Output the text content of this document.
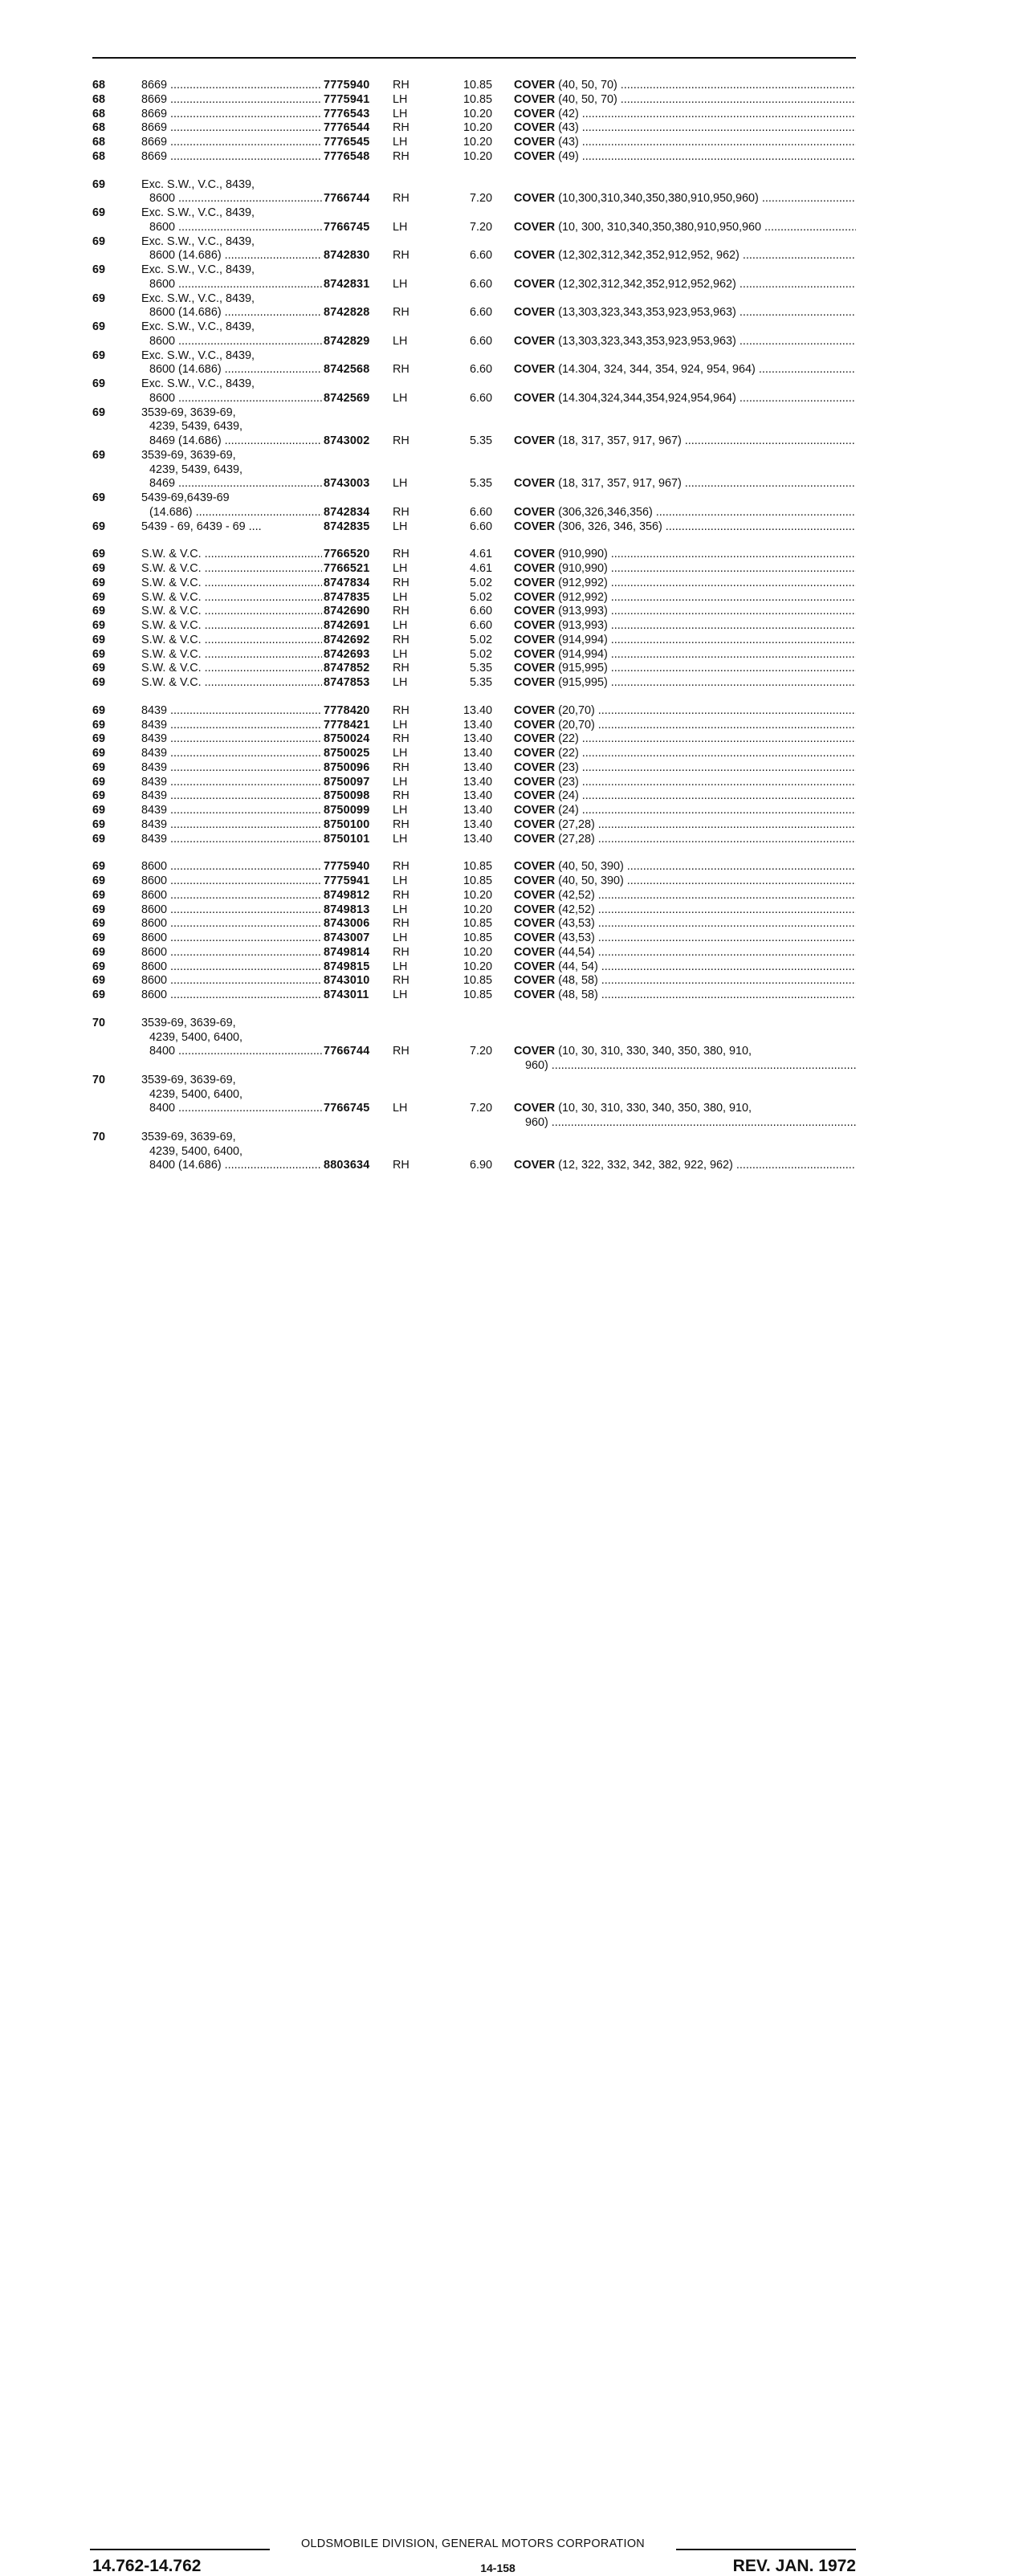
68	8669 .....	7775940 RH	10.85 COVER (40, 50, 70) .....
68	8669 .....	7775941 LH	10.85 COVER (40, 50, 70) .....
68	8669 .....	7776543 LH	10.20 COVER (42) .....
68	8669 .....	7776544 RH	10.20 COVER (43) .....
68	8669 .....	7776545 LH	10.20 COVER (43) .....
68	8669 .....	7776548 RH	10.20 COVER (49) .....
69	Exc. S.W., V.C., 8439,
8600 .....	7766744 RH	7.20 COVER (10,300,310,340,350,380,910,950,960) .....
69	Exc. S.W., V.C., 8439,
8600 .....	7766745 LH	7.20 COVER (10, 300, 310,340,350,380,910,950,960 .....
69	Exc. S.W., V.C., 8439,
8600 (14.686) .....	8742830 RH	6.60 COVER (12,302,312,342,352,912,952, 962) .....
69	Exc. S.W., V.C., 8439,
8600 .....	8742831 LH	6.60 COVER (12,302,312,342,352,912,952,962) .....
69	Exc. S.W., V.C., 8439,
8600 (14.686) .....	8742828 RH	6.60 COVER (13,303,323,343,353,923,953,963) .....
69	Exc. S.W., V.C., 8439,
8600 .....	8742829 LH	6.60 COVER (13,303,323,343,353,923,953,963) .....
69	Exc. S.W., V.C., 8439,
8600 (14.686) .....	8742568 RH	6.60 COVER (14.304, 324, 344, 354, 924, 954, 964) .....
69	Exc. S.W., V.C., 8439,
8600 .....	8742569 LH	6.60 COVER (14.304,324,344,354,924,954,964) .....
69	3539-69, 3639-69,
4239, 5439, 6439,
8469 (14.686) .....	8743002 RH	5.35 COVER (18, 317, 357, 917, 967) .....
69	3539-69, 3639-69,
4239, 5439, 6439,
8469 .....	8743003 LH	5.35 COVER (18, 317, 357, 917, 967) .....
69	5439-69,6439-69
(14.686) .....	8742834 RH	6.60 COVER (306,326,346,356) .....
69	5439 - 69, 6439 - 69 ....	8742835 LH	6.60 COVER (306, 326, 346, 356) .....
69	S.W. & V.C. .....	7766520 RH	4.61 COVER (910,990) .....
69	S.W. & V.C. .....	7766521 LH	4.61 COVER (910,990) .....
69	S.W. & V.C. .....	8747834 RH	5.02 COVER (912,992) .....
69	S.W. & V.C. .....	8747835 LH	5.02 COVER (912,992) .....
69	S.W. & V.C. .....	8742690 RH	6.60 COVER (913,993) .....
69	S.W. & V.C. .....	8742691 LH	6.60 COVER (913,993) .....
69	S.W. & V.C. .....	8742692 RH	5.02 COVER (914,994) .....
69	S.W. & V.C. .....	8742693 LH	5.02 COVER (914,994) .....
69	S.W. & V.C. .....	8747852 RH	5.35 COVER (915,995) .....
69	S.W. & V.C. .....	8747853 LH	5.35 COVER (915,995) .....
69	8439 .....	7778420 RH	13.40 COVER (20,70) .....
69	8439 .....	7778421 LH	13.40 COVER (20,70) .....
69	8439 .....	8750024 RH	13.40 COVER (22) .....
69	8439 .....	8750025 LH	13.40 COVER (22) .....
69	8439 .....	8750096 RH	13.40 COVER (23) .....
69	8439 .....	8750097 LH	13.40 COVER (23) .....
69	8439 .....	8750098 RH	13.40 COVER (24) .....
69	8439 .....	8750099 LH	13.40 COVER (24) .....
69	8439 .....	8750100 RH	13.40 COVER (27,28) .....
69	8439 .....	8750101 LH	13.40 COVER (27,28) .....
69	8600 .....	7775940 RH	10.85 COVER (40, 50, 390) .....
69	8600 .....	7775941 LH	10.85 COVER (40, 50, 390) .....
69	8600 .....	8749812 RH	10.20 COVER (42,52) .....
69	8600 .....	8749813 LH	10.20 COVER (42,52) .....
69	8600 .....	8743006 RH	10.85 COVER (43,53) .....
69	8600 .....	8743007 LH	10.85 COVER (43,53) .....
69	8600 .....	8749814 RH	10.20 COVER (44,54) .....
69	8600 .....	8749815 LH	10.20 COVER (44, 54) .....
69	8600 .....	8743010 RH	10.85 COVER (48, 58) .....
69	8600 .....	8743011 LH	10.85 COVER (48, 58) .....
70	3539-69, 3639-69,
4239, 5400, 6400,
8400 .....	7766744 RH	7.20 COVER (10, 30, 310, 330, 340, 350, 380, 910,
960) .....
70	3539-69, 3639-69,
4239, 5400, 6400,
8400 .....	7766745 LH	7.20 COVER (10, 30, 310, 330, 340, 350, 380, 910,
960) .....
70	3539-69, 3639-69,
4239, 5400, 6400,
8400 (14.686) .....	8803634 RH	6.90 COVER (12, 322, 332, 342, 382, 922, 962) .....
OLDSMOBILE DIVISION, GENERAL MOTORS CORPORATION
14.762-14.762	14-158	REV. JAN. 1972
